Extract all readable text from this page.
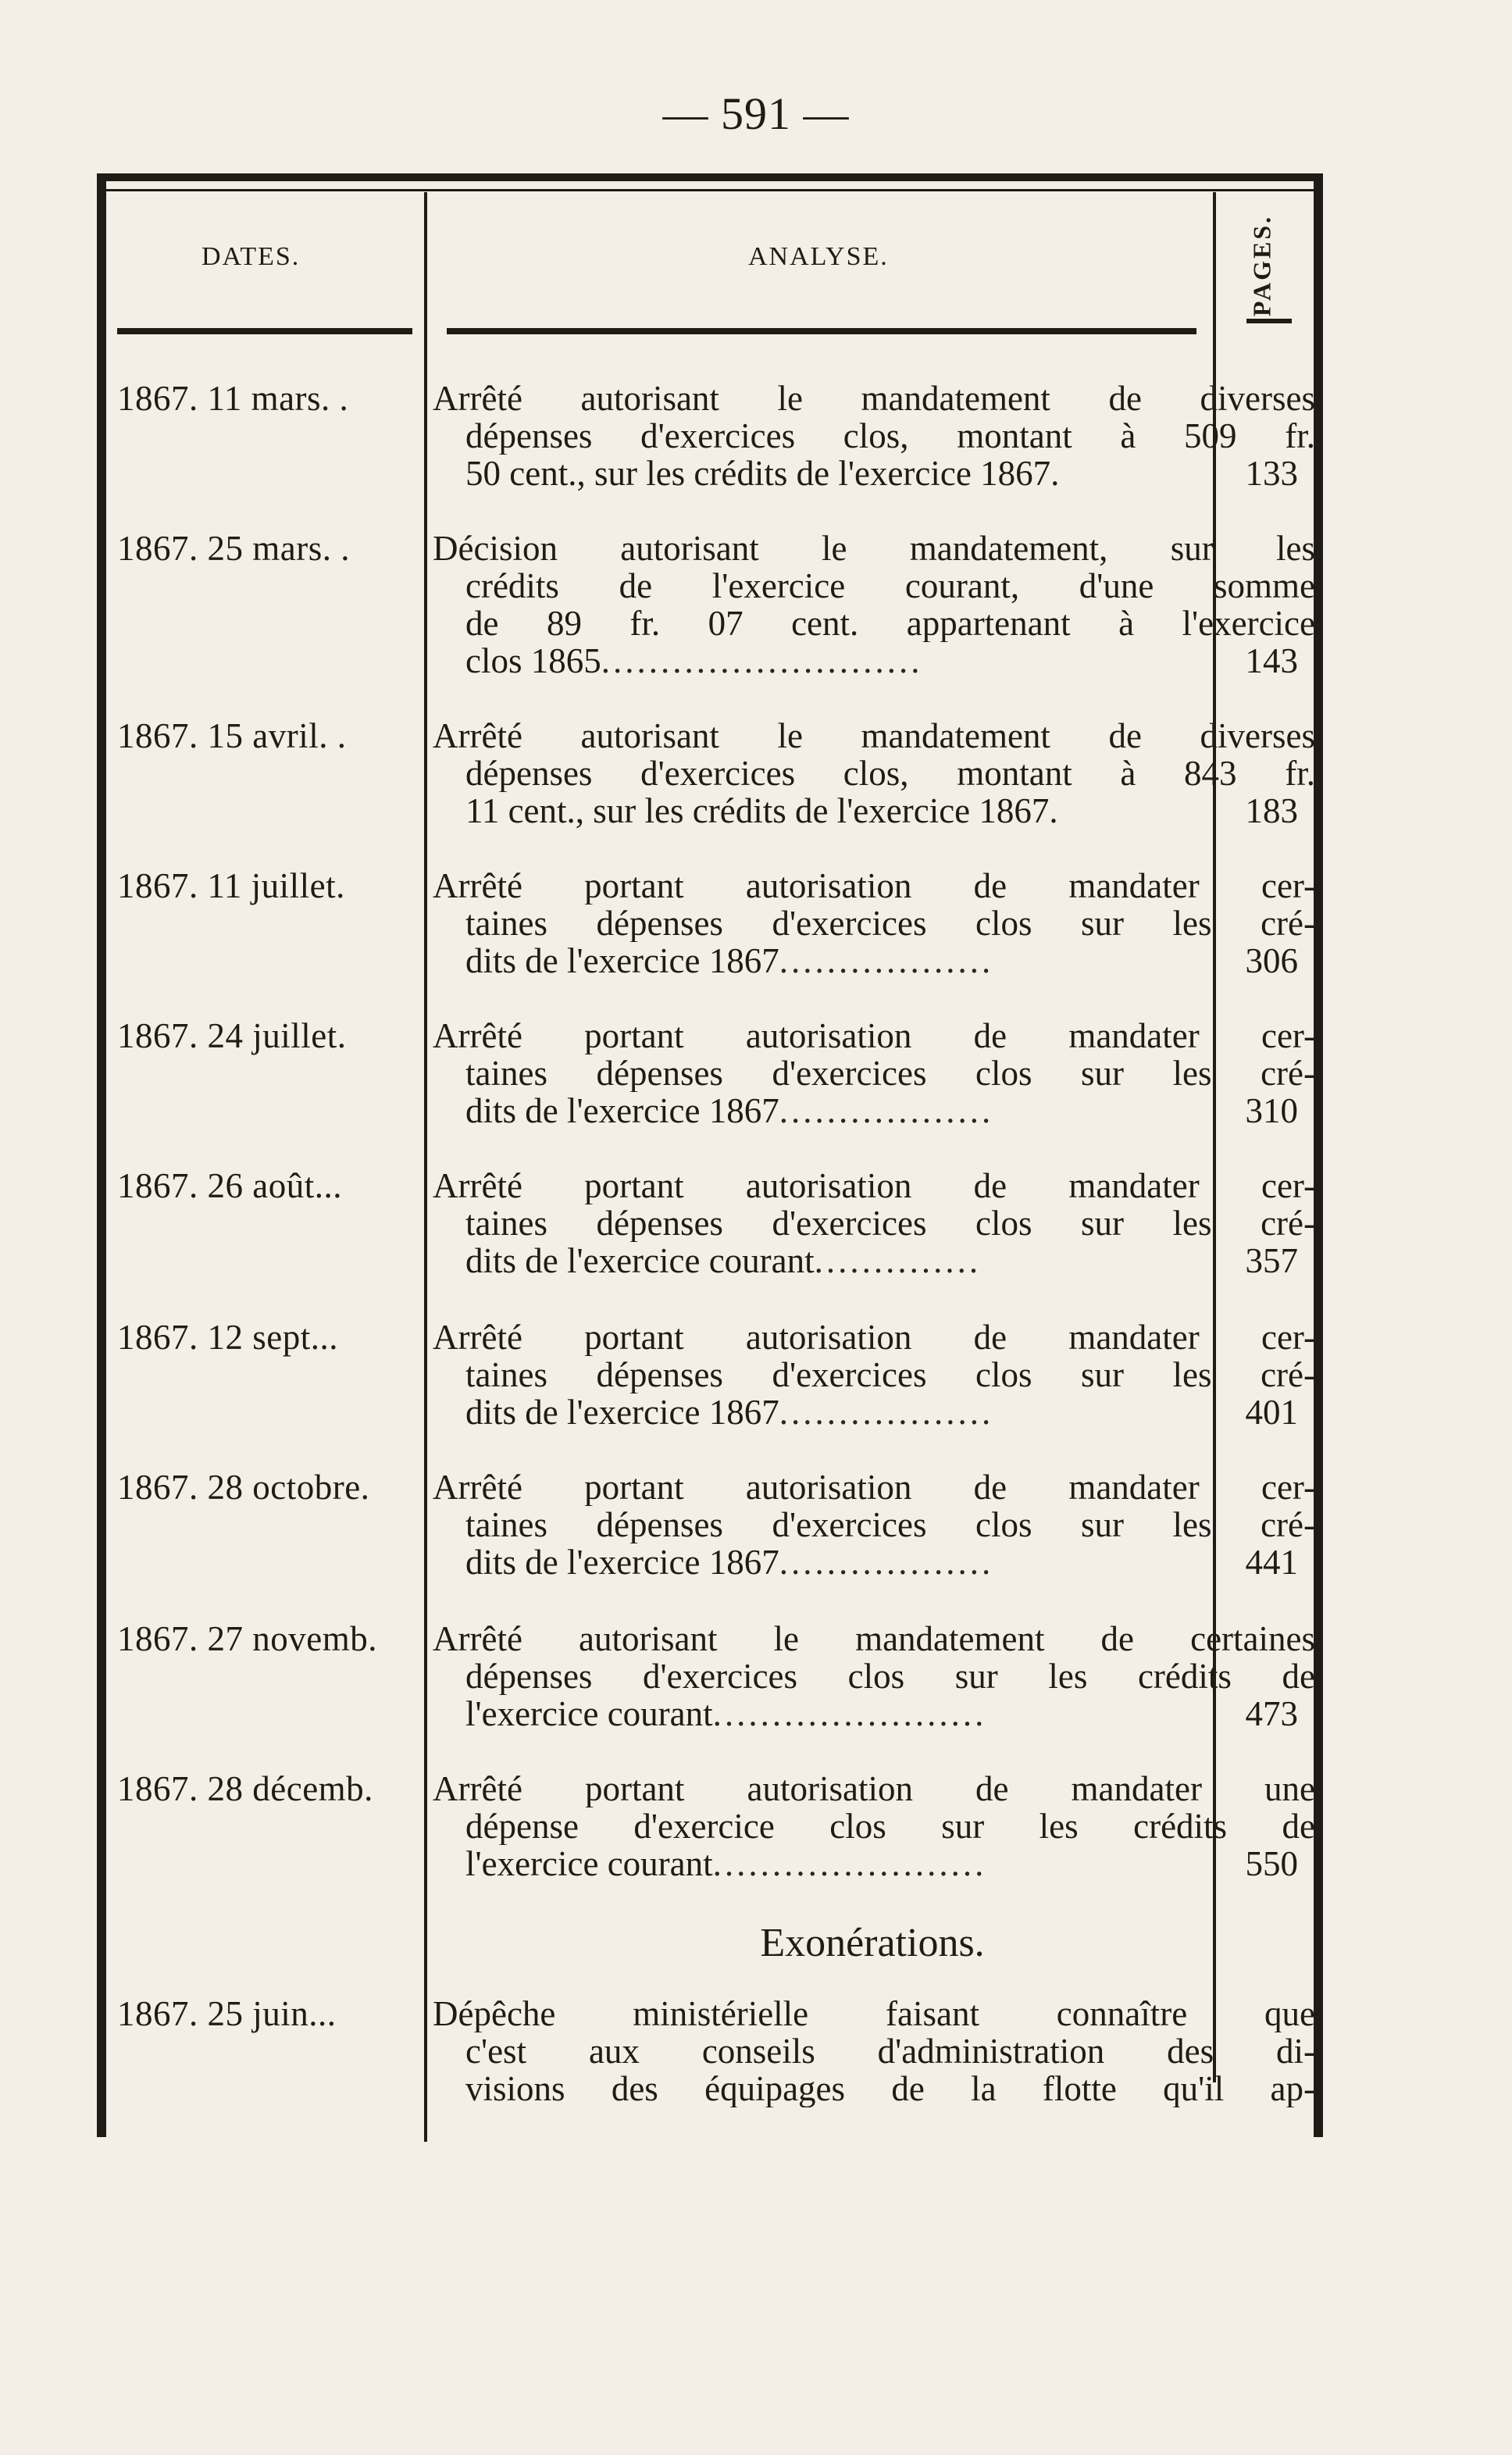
— 591 —
DATES.	ANALYSE.	PAGES.
1867. 11 mars. .	Arrêté autorisant le mandatement de diverses
dépenses d'exercices clos, montant à 509 fr.
50 cent., sur les crédits de l'exercice 1867.	133
1867. 25 mars. .	Décision autorisant le mandatement, sur les
crédits de l'exercice courant, d'une somme
de 89 fr. 07 cent. appartenant à l'exercice
clos 1865...........................	143
1867. 15 avril. .	Arrêté autorisant le mandatement de diverses
dépenses d'exercices clos, montant à 843 fr.
11 cent., sur les crédits de l'exercice 1867.	183
1867. 11 juillet.	Arrêté portant autorisation de mandater cer-
taines dépenses d'exercices clos sur les cré-
dits de l'exercice 1867..................	306
1867. 24 juillet.	Arrêté portant autorisation de mandater cer-
taines dépenses d'exercices clos sur les cré-
dits de l'exercice 1867..................	310
1867. 26 août...	Arrêté portant autorisation de mandater cer-
taines dépenses d'exercices clos sur les cré-
dits de l'exercice courant..............	357
1867. 12 sept...	Arrêté portant autorisation de mandater cer-
taines dépenses d'exercices clos sur les cré-
dits de l'exercice 1867..................	401
1867. 28 octobre.	Arrêté portant autorisation de mandater cer-
taines dépenses d'exercices clos sur les cré-
dits de l'exercice 1867..................	441
1867. 27 novemb.	Arrêté autorisant le mandatement de certaines
dépenses d'exercices clos sur les crédits de
l'exercice courant.......................	473
1867. 28 décemb.	Arrêté portant autorisation de mandater une
dépense d'exercice clos sur les crédits de
l'exercice courant.......................	550
Exonérations.
1867. 25 juin...	Dépêche ministérielle faisant connaître que
c'est aux conseils d'administration des di-
visions des équipages de la flotte qu'il ap-
